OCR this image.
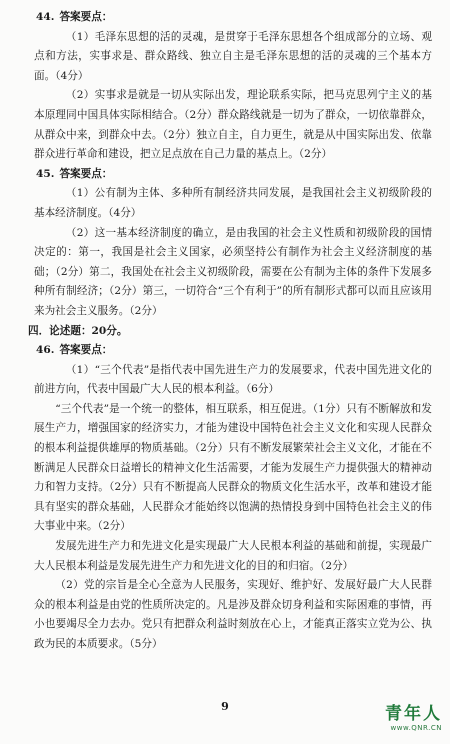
44. 答案要点：
（1）毛泽东思想的活的灵魂，是贯穿于毛泽东思想各个组成部分的立场、观点和方法，实事求是、群众路线、独立自主是毛泽东思想的活的灵魂的三个基本方面。（4分）
（2）实事求是就是一切从实际出发，理论联系实际，把马克思列宁主义的基本原理同中国具体实际相结合。（2分）群众路线就是一切为了群众，一切依靠群众，从群众中来，到群众中去。（2分）独立自主，自力更生，就是从中国实际出发、依靠群众进行革命和建设，把立足点放在自己力量的基点上。（2分）
45. 答案要点：
（1）公有制为主体、多种所有制经济共同发展，是我国社会主义初级阶段的基本经济制度。（4分）
（2）这一基本经济制度的确立，是由我国的社会主义性质和初级阶段的国情决定的：第一，我国是社会主义国家，必须坚持公有制作为社会主义经济制度的基础；（2分）第二，我国处在社会主义初级阶段，需要在公有制为主体的条件下发展多种所有制经济；（2分）第三，一切符合“三个有利于”的所有制形式都可以而且应该用来为社会主义服务。（2分）
四．论述题：20分。
46. 答案要点：
（1）“三个代表”是指代表中国先进生产力的发展要求，代表中国先进文化的前进方向，代表中国最广大人民的根本利益。（6分）
“三个代表”是一个统一的整体，相互联系，相互促进。（1分）只有不断解放和发展生产力，增强国家的经济实力，才能为建设中国特色社会主义文化和实现人民群众的根本利益提供雄厚的物质基础。（2分）只有不断发展繁荣社会主义文化，才能在不断满足人民群众日益增长的精神文化生活需要，才能为发展生产力提供强大的精神动力和智力支持。（2分）只有不断提高人民群众的物质文化生活水平，改革和建设才能具有坚实的群众基础，人民群众才能始终以饱满的热情投身到中国特色社会主义的伟大事业中来。（2分）
发展先进生产力和先进文化是实现最广大人民根本利益的基础和前提，实现最广大人民根本利益是发展先进生产力和先进文化的目的和归宿。（2分）
（2）党的宗旨是全心全意为人民服务，实现好、维护好、发展好最广大人民群众的根本利益是由党的性质所决定的。凡是涉及群众切身利益和实际困难的事情，再小也要竭尽全力去办。党只有把群众利益时刻放在心上，才能真正落实立党为公、执政为民的本质要求。（5分）
9	青年人
www.QNR.CN
